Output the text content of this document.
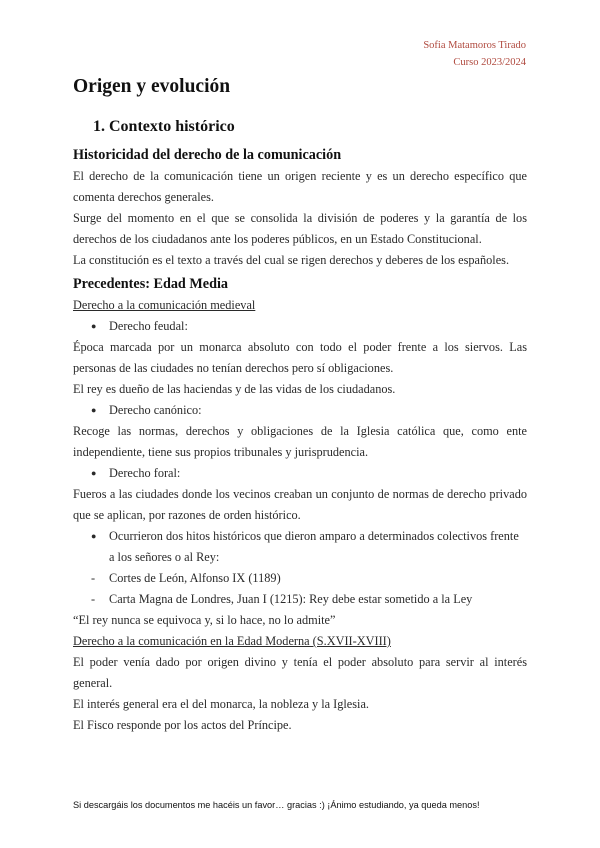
Sofia Matamoros Tirado
Curso 2023/2024
Origen y evolución
1. Contexto histórico
Historicidad del derecho de la comunicación

El derecho de la comunicación tiene un origen reciente y es un derecho específico que comenta derechos generales.

Surge del momento en el que se consolida la división de poderes y la garantía de los derechos de los ciudadanos ante los poderes públicos, en un Estado Constitucional.

La constitución es el texto a través del cual se rigen derechos y deberes de los españoles.

Precedentes: Edad Media

Derecho a la comunicación medieval

● Derecho feudal:

Época marcada por un monarca absoluto con todo el poder frente a los siervos. Las personas de las ciudades no tenían derechos pero sí obligaciones.

El rey es dueño de las haciendas y de las vidas de los ciudadanos.

● Derecho canónico:

Recoge las normas, derechos y obligaciones de la Iglesia católica que, como ente independiente, tiene sus propios tribunales y jurisprudencia.

● Derecho foral:

Fueros a las ciudades donde los vecinos creaban un conjunto de normas de derecho privado que se aplican, por razones de orden histórico.

● Ocurrieron dos hitos históricos que dieron amparo a determinados colectivos frente a los señores o al Rey:

- Cortes de León, Alfonso IX (1189)

- Carta Magna de Londres, Juan I (1215): Rey debe estar sometido a la Ley

“El rey nunca se equivoca y, si lo hace, no lo admite”

Derecho a la comunicación en la Edad Moderna (S.XVII-XVIII)

El poder venía dado por origen divino y tenía el poder absoluto para servir al interés general.

El interés general era el del monarca, la nobleza y la Iglesia.

El Fisco responde por los actos del Príncipe.

Si descargáis los documentos me hacéis un favor… gracias :) ¡Ánimo estudiando, ya queda menos!
